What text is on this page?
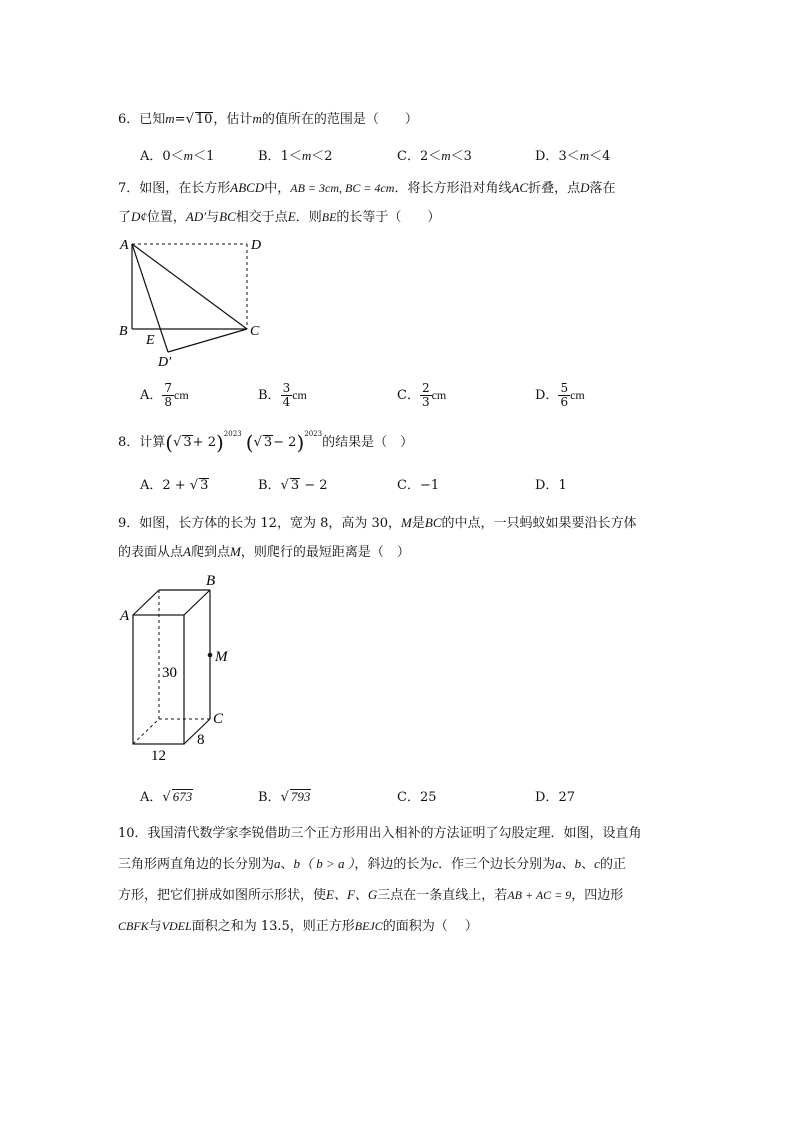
6．已知m=√ 10，估计m的值所在的范围是（　　）
A．0＜m＜1	B．1＜m＜2	C．2＜m＜3	D．3＜m＜4
7．如图，在长方形ABCD中，AB = 3cm, BC = 4cm．将长方形沿对角线AC折叠，点D落在
了D¢位置，AD′与BC相交于点E．则BE的长等于（　　）
A	D
B	C
E
D′
A． $\frac{7}{8}$ cm	B． $\frac{3}{4}$ cm	C． $\frac{2}{3}$ cm	D． $\frac{5}{6}$ cm
8．计算(√ 3+ 2)$^{2023}$ (√ 3− 2)$^{2023}$的结果是（　）
A．2 + √ 3	B．√ 3 − 2	C．−1	D．1
9．如图，长方体的长为 12，宽为 8，高为 30，M是BC的中点，一只蚂蚁如果要沿长方体
的表面从点A爬到点M，则爬行的最短距离是（　）
A
B
C
M
30
12
8
A．√ 673	B．√ 793	C．25	D．27
10．我国清代数学家李锐借助三个正方形用出入相补的方法证明了勾股定理．如图，设直角
三角形两直角边的长分别为a、b（ b > a ），斜边的长为c．作三个边长分别为a、b、c的正
方形，把它们拼成如图所示形状，使E、F、G三点在一条直线上，若AB + AC = 9，四边形
CBFK与VDEL面积之和为 13.5，则正方形BEJC的面积为（　 ）
